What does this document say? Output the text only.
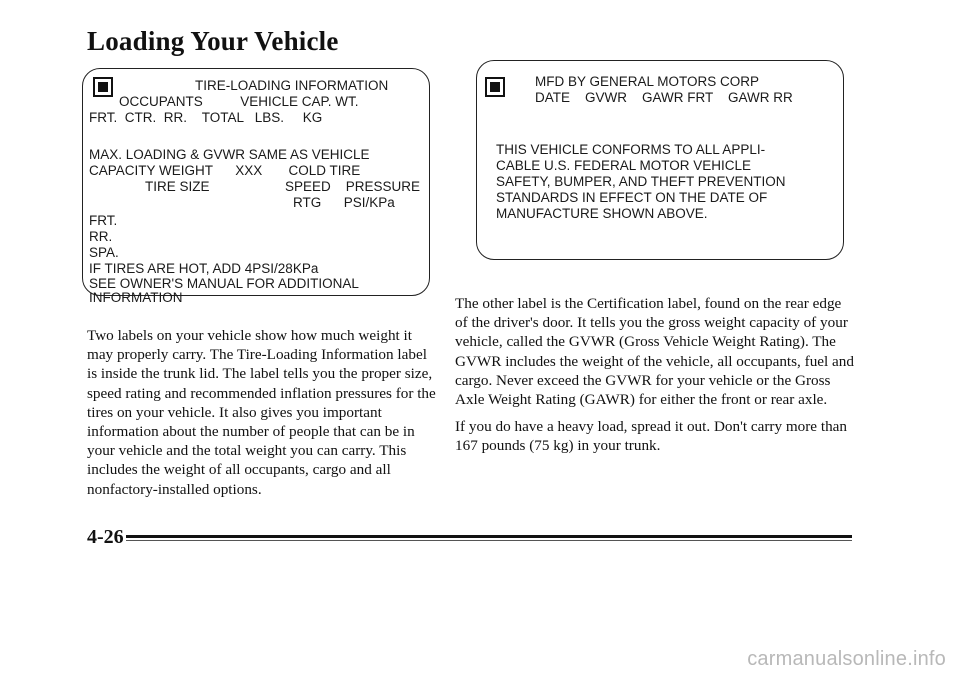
Loading Your Vehicle
TIRE-LOADING INFORMATION
OCCUPANTS          VEHICLE CAP. WT.
FRT.  CTR.  RR.    TOTAL   LBS.     KG
MAX. LOADING & GVWR SAME AS VEHICLE
CAPACITY WEIGHT      XXX       COLD TIRE
TIRE SIZE	SPEED    PRESSURE
RTG      PSI/KPa
FRT.
RR.
SPA.
IF TIRES ARE HOT, ADD 4PSI/28KPa
SEE OWNER'S MANUAL FOR ADDITIONAL
INFORMATION
MFD BY GENERAL MOTORS CORP
DATE    GVWR    GAWR FRT    GAWR RR
THIS VEHICLE CONFORMS TO ALL APPLI-
CABLE U.S. FEDERAL MOTOR VEHICLE
SAFETY, BUMPER, AND THEFT PREVENTION
STANDARDS IN EFFECT ON THE DATE OF
MANUFACTURE SHOWN ABOVE.

Two labels on your vehicle show how much weight it may properly carry. The Tire-Loading Information label is inside the trunk lid. The label tells you the proper size, speed rating and recommended inflation pressures for the tires on your vehicle. It also gives you important information about the number of people that can be in your vehicle and the total weight you can carry. This includes the weight of all occupants, cargo and all nonfactory-installed options.

The other label is the Certification label, found on the rear edge of the driver's door. It tells you the gross weight capacity of your vehicle, called the GVWR (Gross Vehicle Weight Rating). The GVWR includes the weight of the vehicle, all occupants, fuel and cargo. Never exceed the GVWR for your vehicle or the Gross Axle Weight Rating (GAWR) for either the front or rear axle.

If you do have a heavy load, spread it out. Don't carry more than 167 pounds (75 kg) in your trunk.

4-26
carmanualsonline.info
